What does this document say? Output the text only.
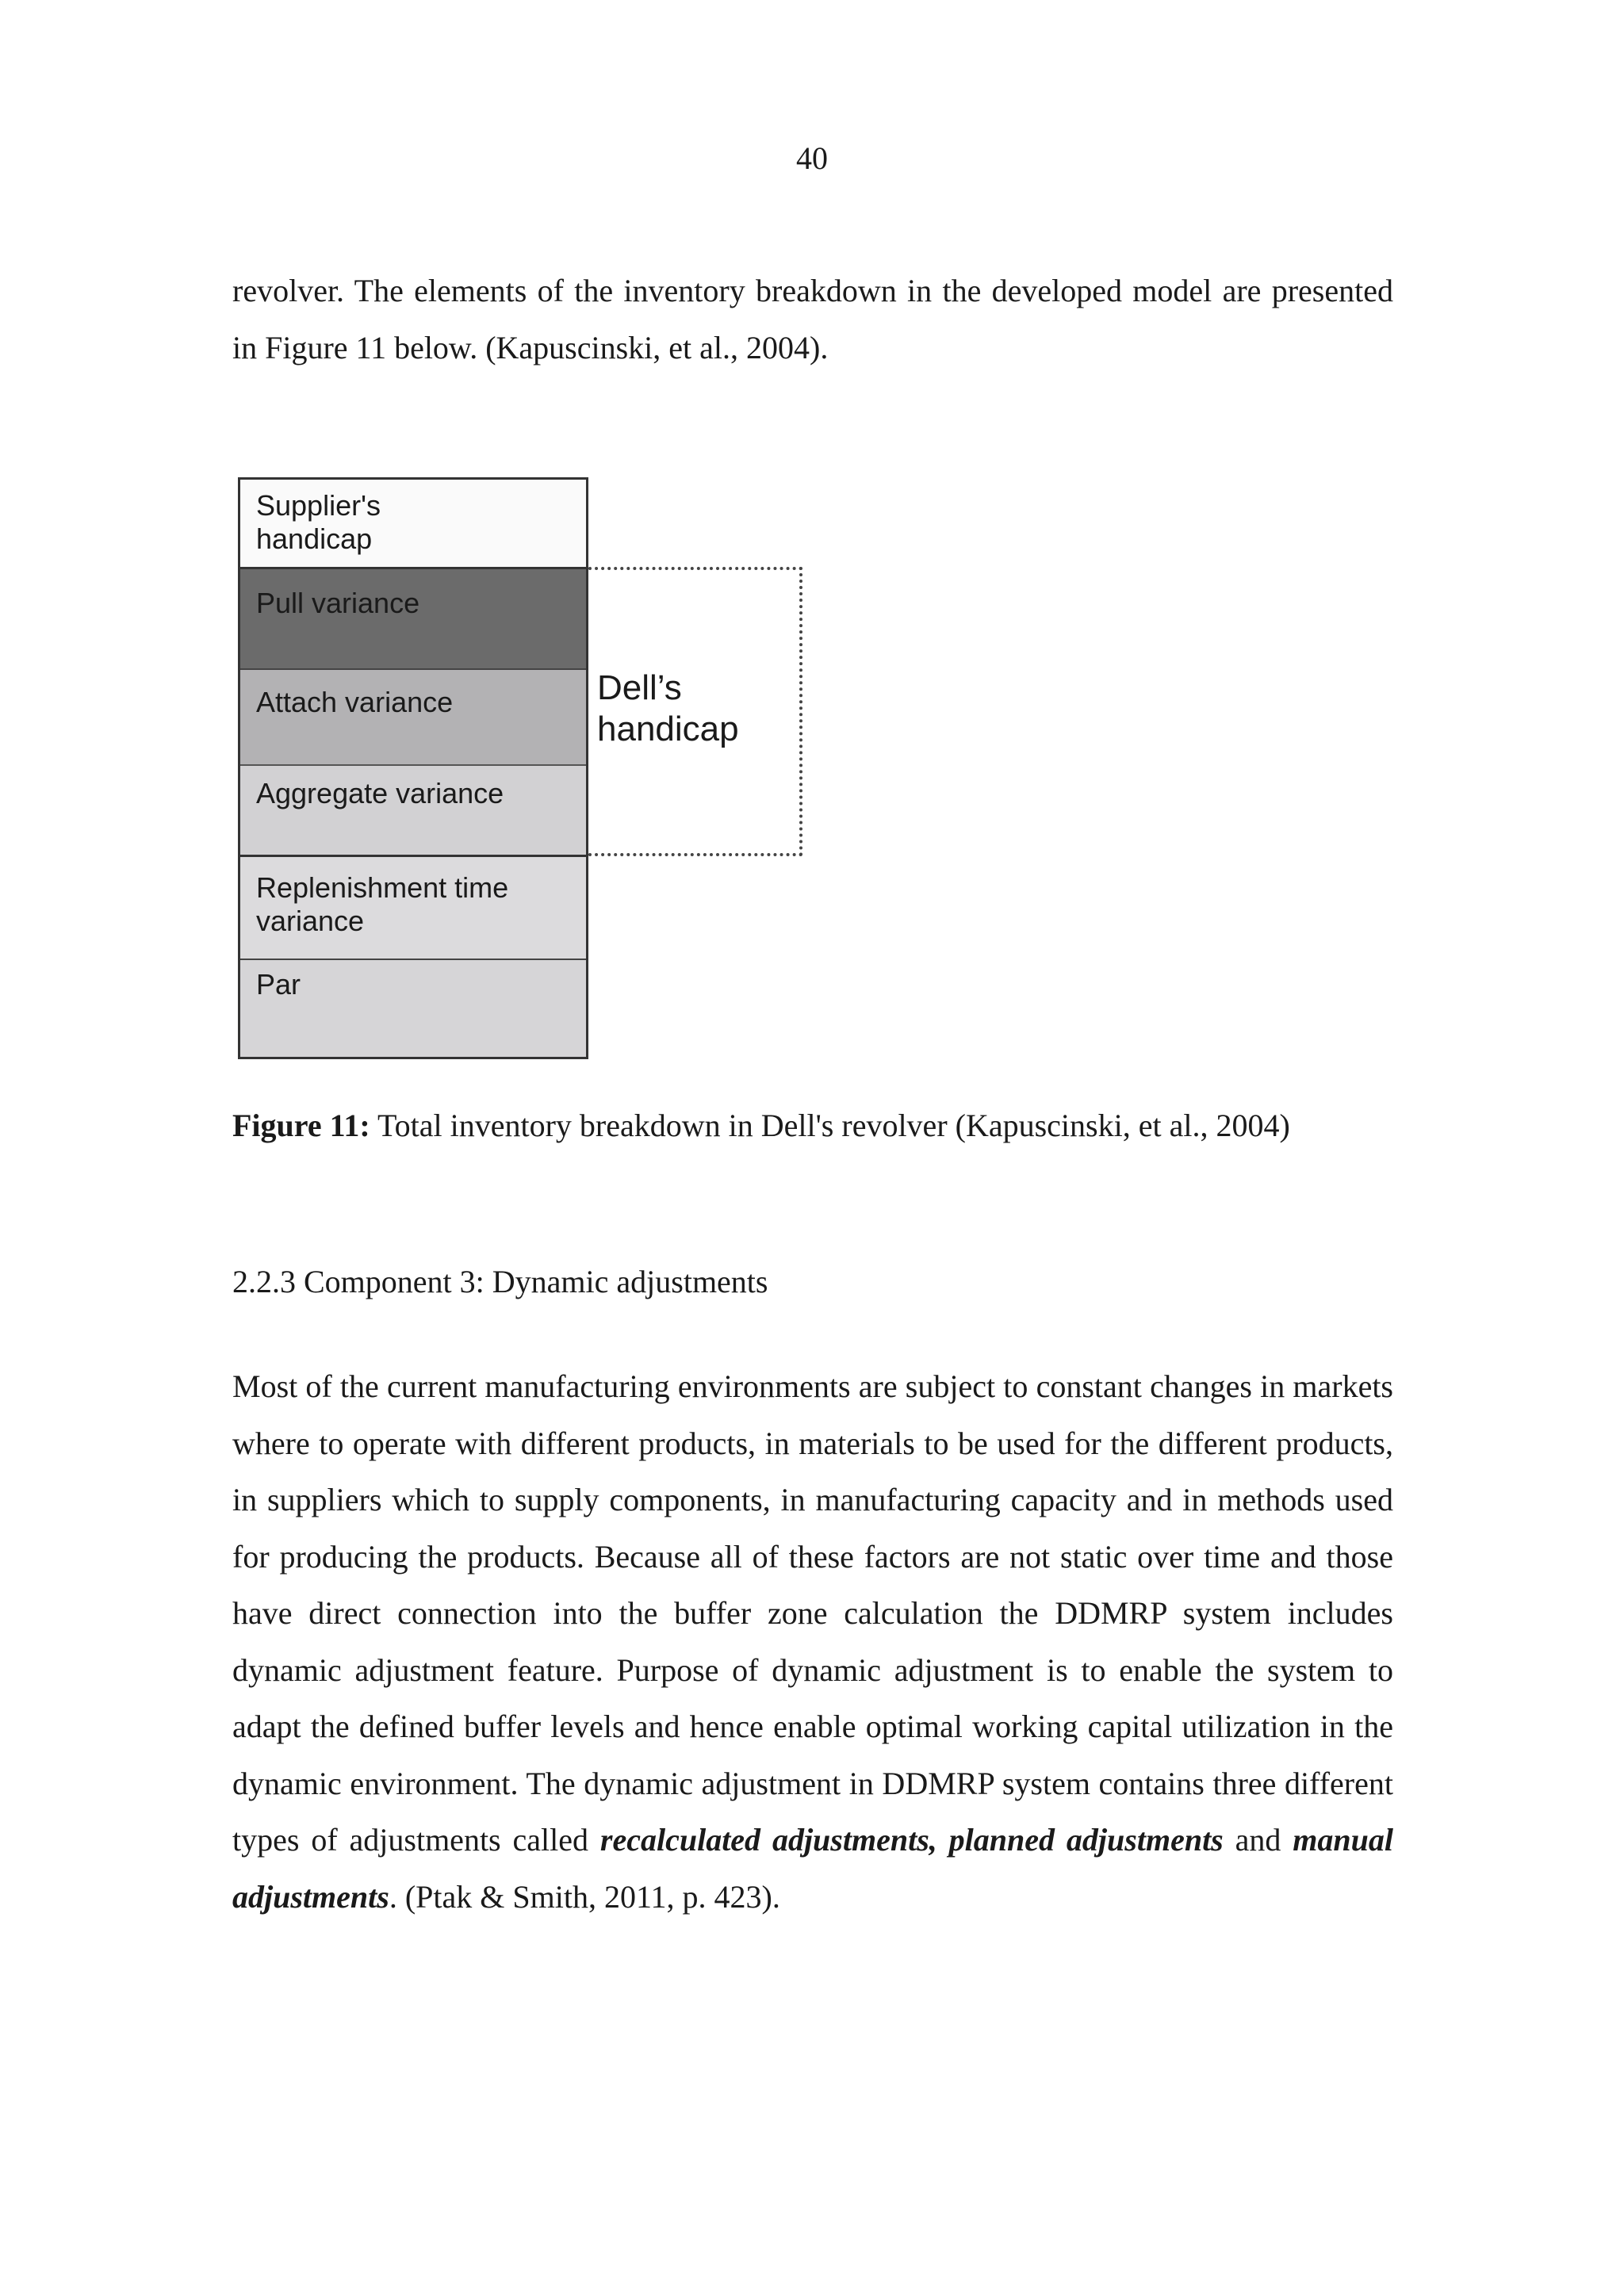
40

revolver. The elements of the inventory breakdown in the developed model are presented in Figure 11 below. (Kapuscinski, et al., 2004).

Supplier's
handicap
Pull variance
Attach variance
Aggregate variance
Replenishment time
variance
Par
Dell’s
handicap

Figure 11: Total inventory breakdown in Dell's revolver (Kapuscinski, et al., 2004)

2.2.3 Component 3: Dynamic adjustments

Most of the current manufacturing environments are subject to constant changes in markets where to operate with different products, in materials to be used for the different products, in suppliers which to supply components, in manufacturing capacity and in methods used for producing the products. Because all of these factors are not static over time and those have direct connection into the buffer zone calculation the DDMRP system includes dynamic adjustment feature. Purpose of dynamic adjustment is to enable the system to adapt the defined buffer levels and hence enable optimal working capital utilization in the dynamic environment. The dynamic adjustment in DDMRP system contains three different types of adjustments called recalculated adjustments, planned adjustments and manual adjustments. (Ptak & Smith, 2011, p. 423).
